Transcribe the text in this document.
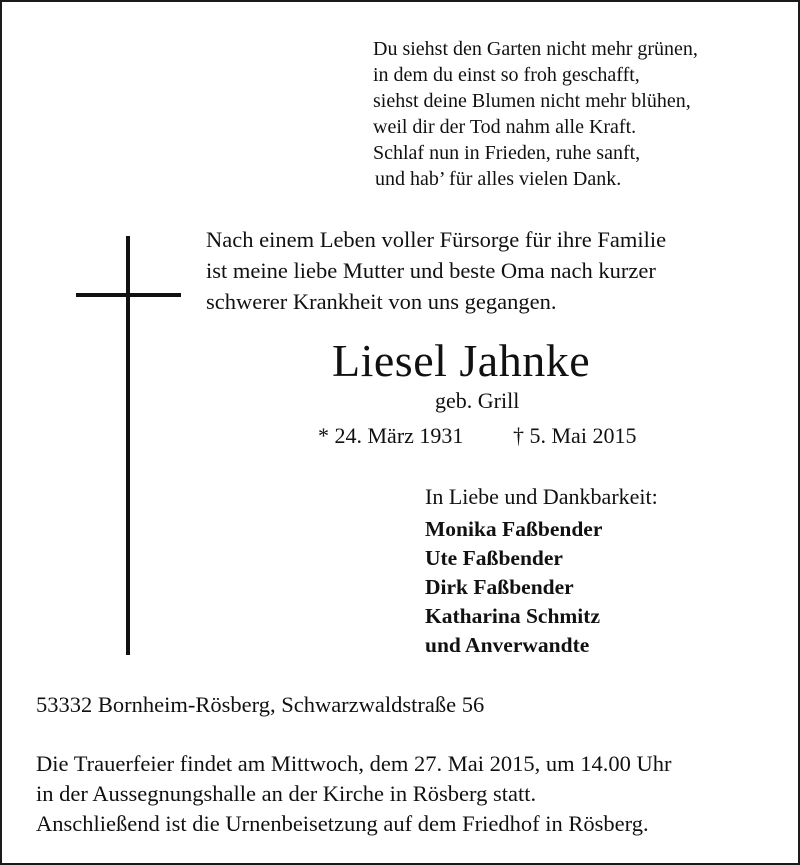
Du siehst den Garten nicht mehr grünen,
in dem du einst so froh geschafft,
siehst deine Blumen nicht mehr blühen,
weil dir der Tod nahm alle Kraft.
Schlaf nun in Frieden, ruhe sanft,
und hab’ für alles vielen Dank.
Nach einem Leben voller Fürsorge für ihre Familie
ist meine liebe Mutter und beste Oma nach kurzer
schwerer Krankheit von uns gegangen.
Liesel Jahnke
geb. Grill
* 24. März 1931 † 5. Mai 2015
In Liebe und Dankbarkeit:
Monika Faßbender
Ute Faßbender
Dirk Faßbender
Katharina Schmitz
und Anverwandte
53332 Bornheim-Rösberg, Schwarzwaldstraße 56
Die Trauerfeier findet am Mittwoch, dem 27. Mai 2015, um 14.00 Uhr
in der Aussegnungshalle an der Kirche in Rösberg statt.
Anschließend ist die Urnenbeisetzung auf dem Friedhof in Rösberg.
